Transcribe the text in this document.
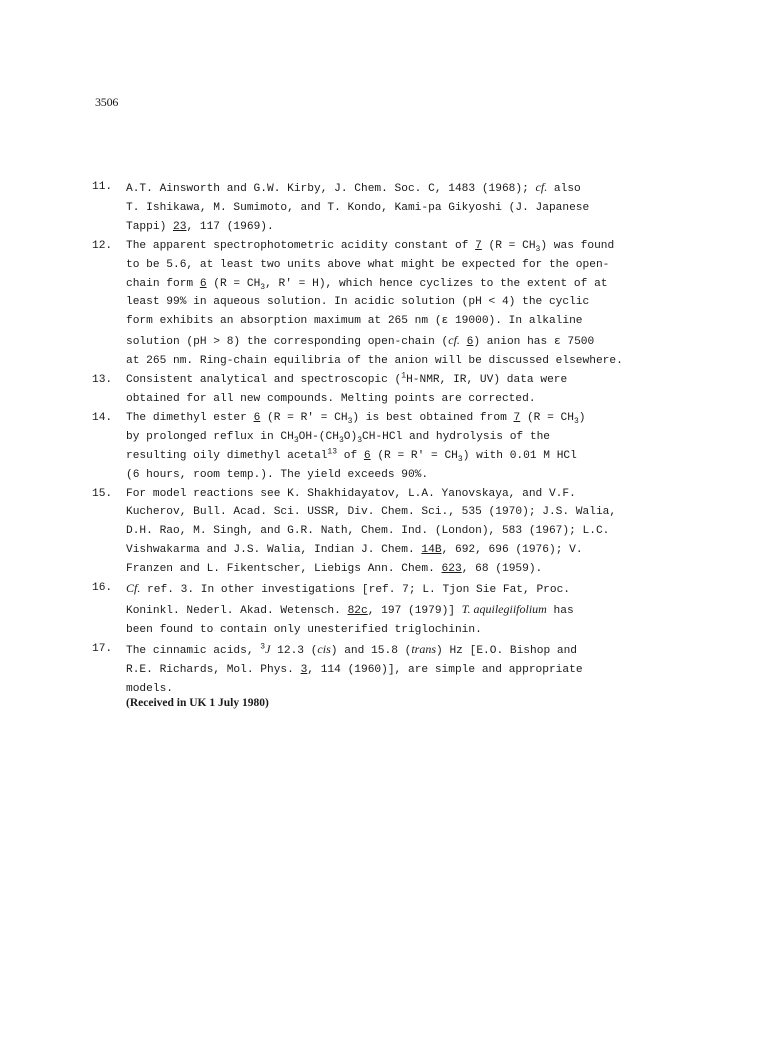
3506
11.	A.T. Ainsworth and G.W. Kirby, J. Chem. Soc. C, 1483 (1968); cf. also
T. Ishikawa, M. Sumimoto, and T. Kondo, Kami-pa Gikyoshi (J. Japanese
Tappi) 23, 117 (1969).
12.	The apparent spectrophotometric acidity constant of 7 $(R = CH_3)$ was found
to be 5.6, at least two units above what might be expected for the open-
chain form 6 ($R = CH_3$, R' = H), which hence cyclizes to the extent of at
least 99% in aqueous solution. In acidic solution (pH < 4) the cyclic
form exhibits an absorption maximum at 265 nm (ε 19000). In alkaline
solution (pH > 8) the corresponding open-chain (cf. 6) anion has ε 7500
at 265 nm. Ring-chain equilibria of the anion will be discussed elsewhere.
13.	Consistent analytical and spectroscopic ($^1$H-NMR, IR, UV) data were
obtained for all new compounds. Melting points are corrected.
14.	The dimethyl ester 6 $(R = R' = CH_3)$ is best obtained from 7 $(R = CH_3)$
by prolonged reflux in $CH_3OH-(CH_3O)_3CH$-HCl and hydrolysis of the
resulting oily dimethyl acetal$^{13}$ of 6 $(R = R' = CH_3)$ with 0.01 M HCl
(6 hours, room temp.). The yield exceeds 90%.
15.	For model reactions see K. Shakhidayatov, L.A. Yanovskaya, and V.F.
Kucherov, Bull. Acad. Sci. USSR, Div. Chem. Sci., 535 (1970); J.S. Walia,
D.H. Rao, M. Singh, and G.R. Nath, Chem. Ind. (London), 583 (1967); L.C.
Vishwakarma and J.S. Walia, Indian J. Chem. 14B, 692, 696 (1976); V.
Franzen and L. Fikentscher, Liebigs Ann. Chem. 623, 68 (1959).
16.	Cf. ref. 3. In other investigations [ref. 7; L. Tjon Sie Fat, Proc.
Koninkl. Nederl. Akad. Wetensch. 82c, 197 (1979)] T. aquilegiifolium has
been found to contain only unesterified triglochinin.
17.	The cinnamic acids, $^3$J 12.3 (cis) and 15.8 (trans) Hz [E.O. Bishop and
R.E. Richards, Mol. Phys. 3, 114 (1960)], are simple and appropriate
models.
(Received in UK 1 July 1980)
